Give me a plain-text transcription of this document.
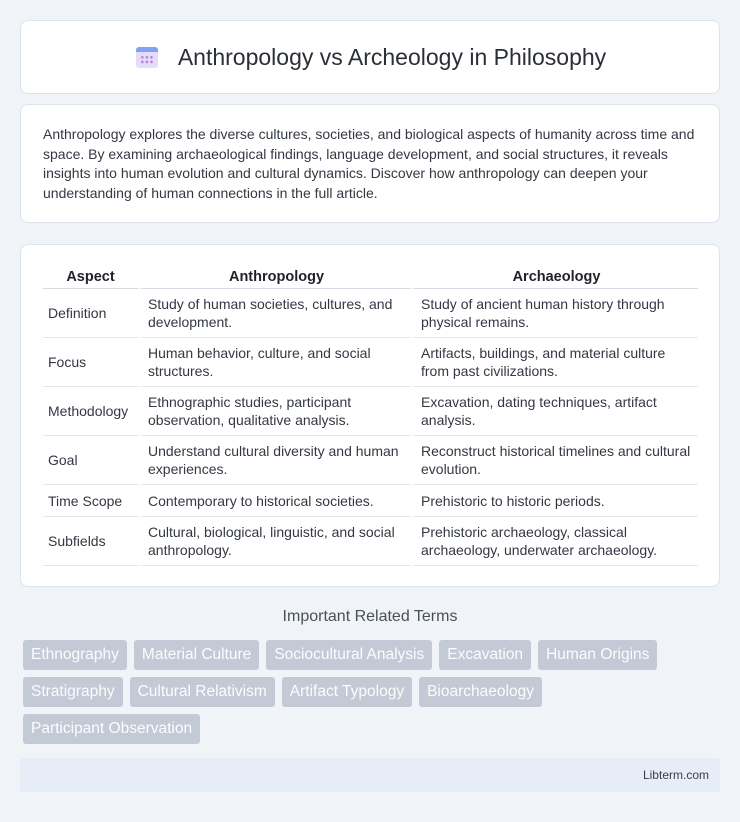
Anthropology vs Archeology in Philosophy

Anthropology explores the diverse cultures, societies, and biological aspects of humanity across time and space. By examining archaeological findings, language development, and social structures, it reveals insights into human evolution and cultural dynamics. Discover how anthropology can deepen your understanding of human connections in the full article.

Aspect	Anthropology	Archaeology
Definition	Study of human societies, cultures, and development.	Study of ancient human history through physical remains.
Focus	Human behavior, culture, and social structures.	Artifacts, buildings, and material culture from past civilizations.
Methodology	Ethnographic studies, participant observation, qualitative analysis.	Excavation, dating techniques, artifact analysis.
Goal	Understand cultural diversity and human experiences.	Reconstruct historical timelines and cultural evolution.
Time Scope	Contemporary to historical societies.	Prehistoric to historic periods.
Subfields	Cultural, biological, linguistic, and social anthropology.	Prehistoric archaeology, classical archaeology, underwater archaeology.
Important Related Terms
Ethnography	Material Culture	Sociocultural Analysis	Excavation	Human Origins
Stratigraphy	Cultural Relativism	Artifact Typology	Bioarchaeology
Participant Observation
Libterm.com
